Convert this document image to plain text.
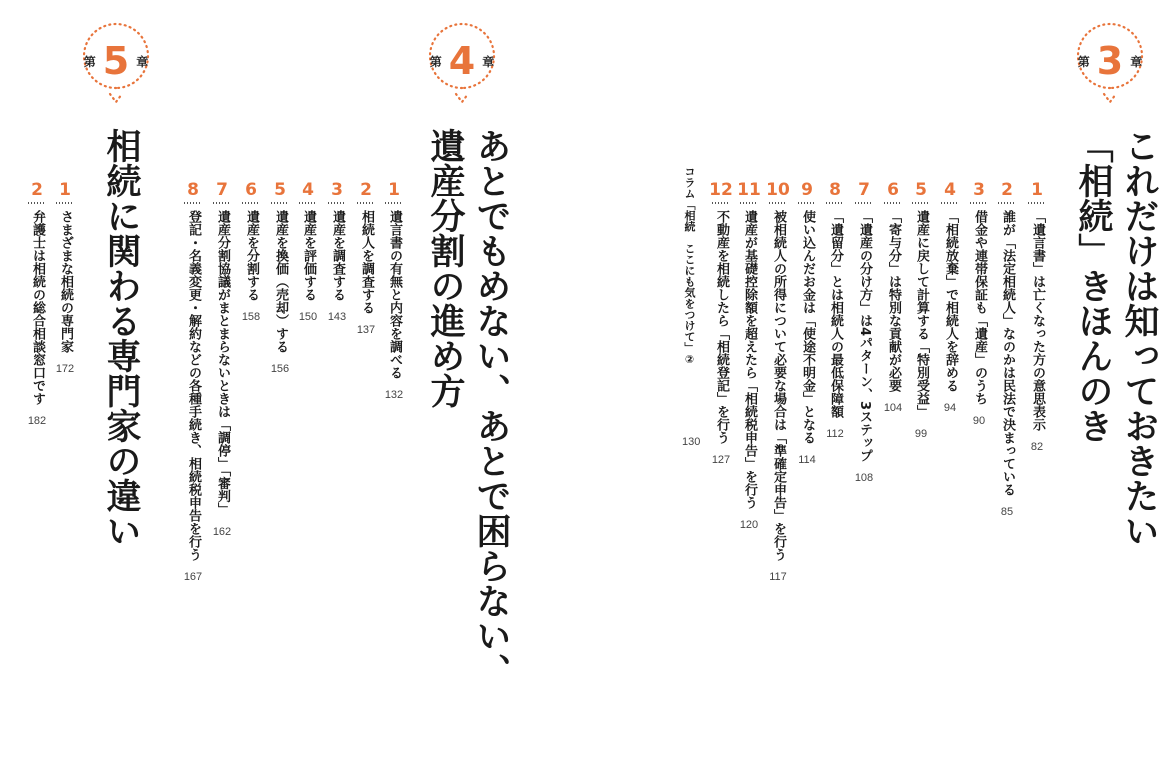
第 3 章
第 4 章
第 5 章
これだけは知っておきたい
「相続」きほんのき
あとでもめない、あとで困らない、
遺産分割の進め方
相続に関わる専門家の違い	1
「遺言書」は亡くなった方の意思表示
82
2
誰が「法定相続人」なのかは民法で決まっている
85
3
借金や連帯保証も「遺産」のうち
90
4
「相続放棄」で相続人を辞める
94
5
遺産に戻して計算する「特別受益」
99
6
「寄与分」は特別な貢献が必要
104
7
「遺産の分け方」は4パターン、3ステップ
108
8
「遺留分」とは相続人の最低保障額
112
9
使い込んだお金は「使途不明金」となる
114
10
被相続人の所得について必要な場合は「準確定申告」を行う
117
11
遺産が基礎控除額を超えたら「相続税申告」を行う
120
12
不動産を相続したら「相続登記」を行う
127
コラム「相続　ここにも気をつけて」②
130
1
遺言書の有無と内容を調べる
132
2
相続人を調査する
137
3
遺産を調査する
143
4
遺産を評価する
150
5
遺産を換価（売却）する
156
6
遺産を分割する
158
7
遺産分割協議がまとまらないときは「調停」「審判」
162
8
登記・名義変更・解約などの各種手続き、相続税申告を行う
167
1
さまざまな相続の専門家
172
2
弁護士は相続の総合相談窓口です
182
